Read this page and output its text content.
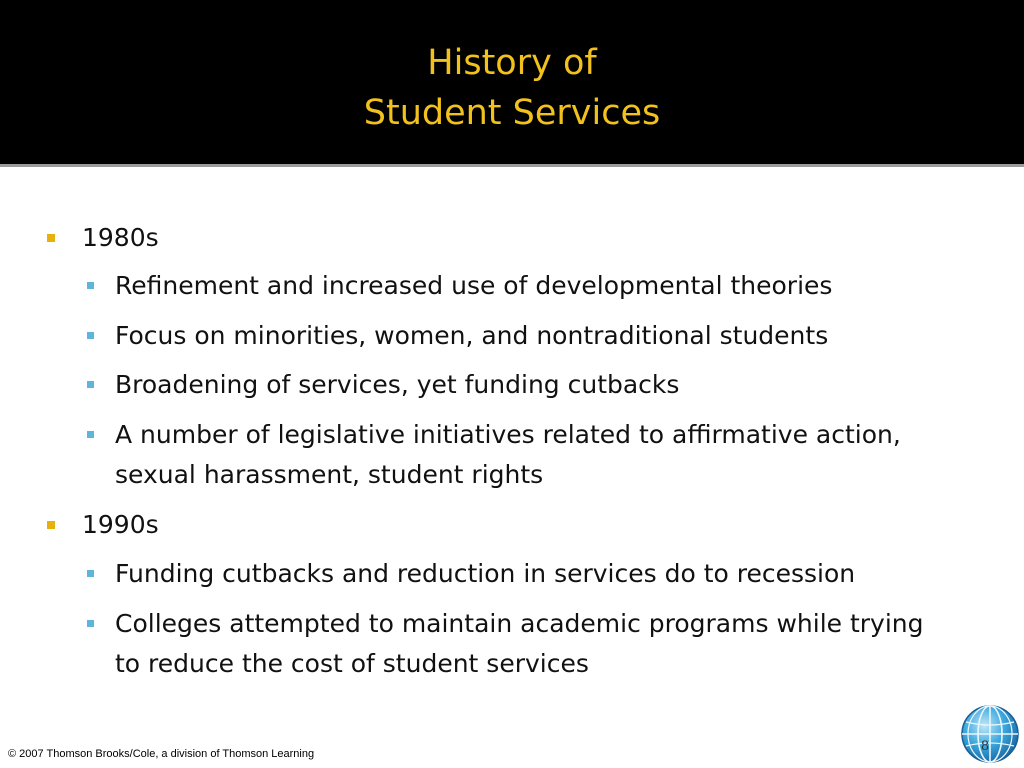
History of
Student Services
1980s
Refinement and increased use of developmental theories
Focus on minorities, women, and nontraditional students
Broadening of services, yet funding cutbacks
A number of legislative initiatives related to affirmative action, sexual harassment, student rights
1990s
Funding cutbacks and reduction in services do to recession
Colleges attempted to maintain academic programs while trying to reduce the cost of student services
© 2007 Thomson Brooks/Cole, a division of Thomson Learning	8
